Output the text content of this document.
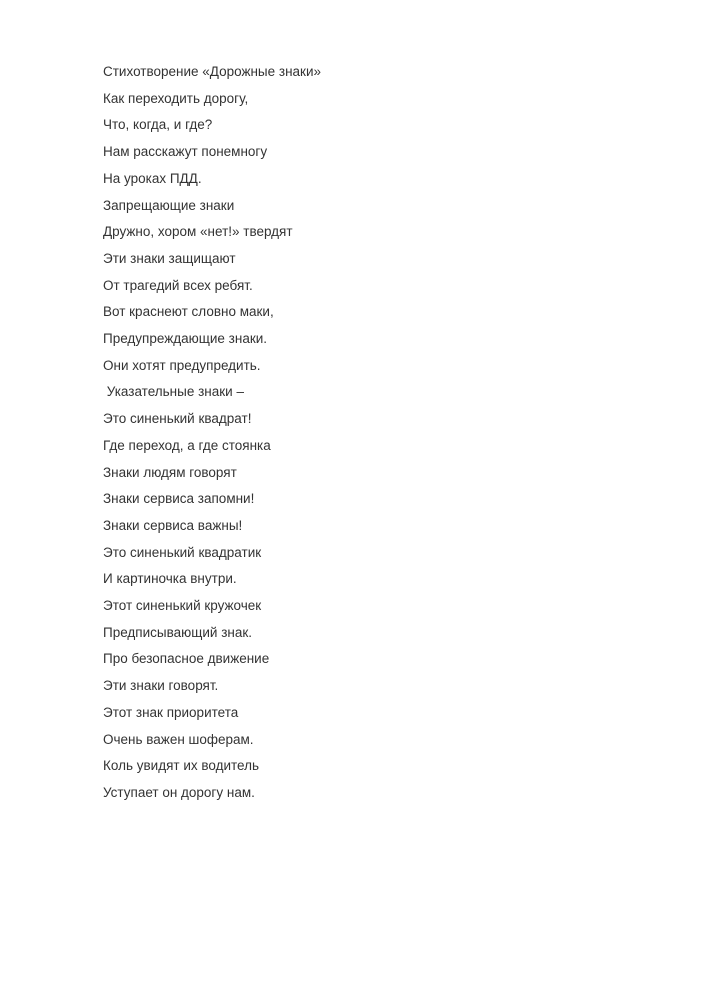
Стихотворение «Дорожные знаки»

Как переходить дорогу,

Что, когда, и где?

Нам расскажут понемногу

На уроках ПДД.

Запрещающие знаки

Дружно, хором «нет!» твердят

Эти знаки защищают

От трагедий всех ребят.

Вот краснеют словно маки,

Предупреждающие знаки.

Они хотят предупредить.

Указательные знаки –

Это синенький квадрат!

Где переход, а где стоянка

Знаки людям говорят

Знаки сервиса запомни!

Знаки сервиса важны!

Это синенький квадратик

И картиночка внутри.

Этот синенький кружочек

Предписывающий знак.

Про безопасное движение

Эти знаки говорят.

Этот знак приоритета

Очень важен шоферам.

Коль увидят их водитель

Уступает он дорогу нам.
